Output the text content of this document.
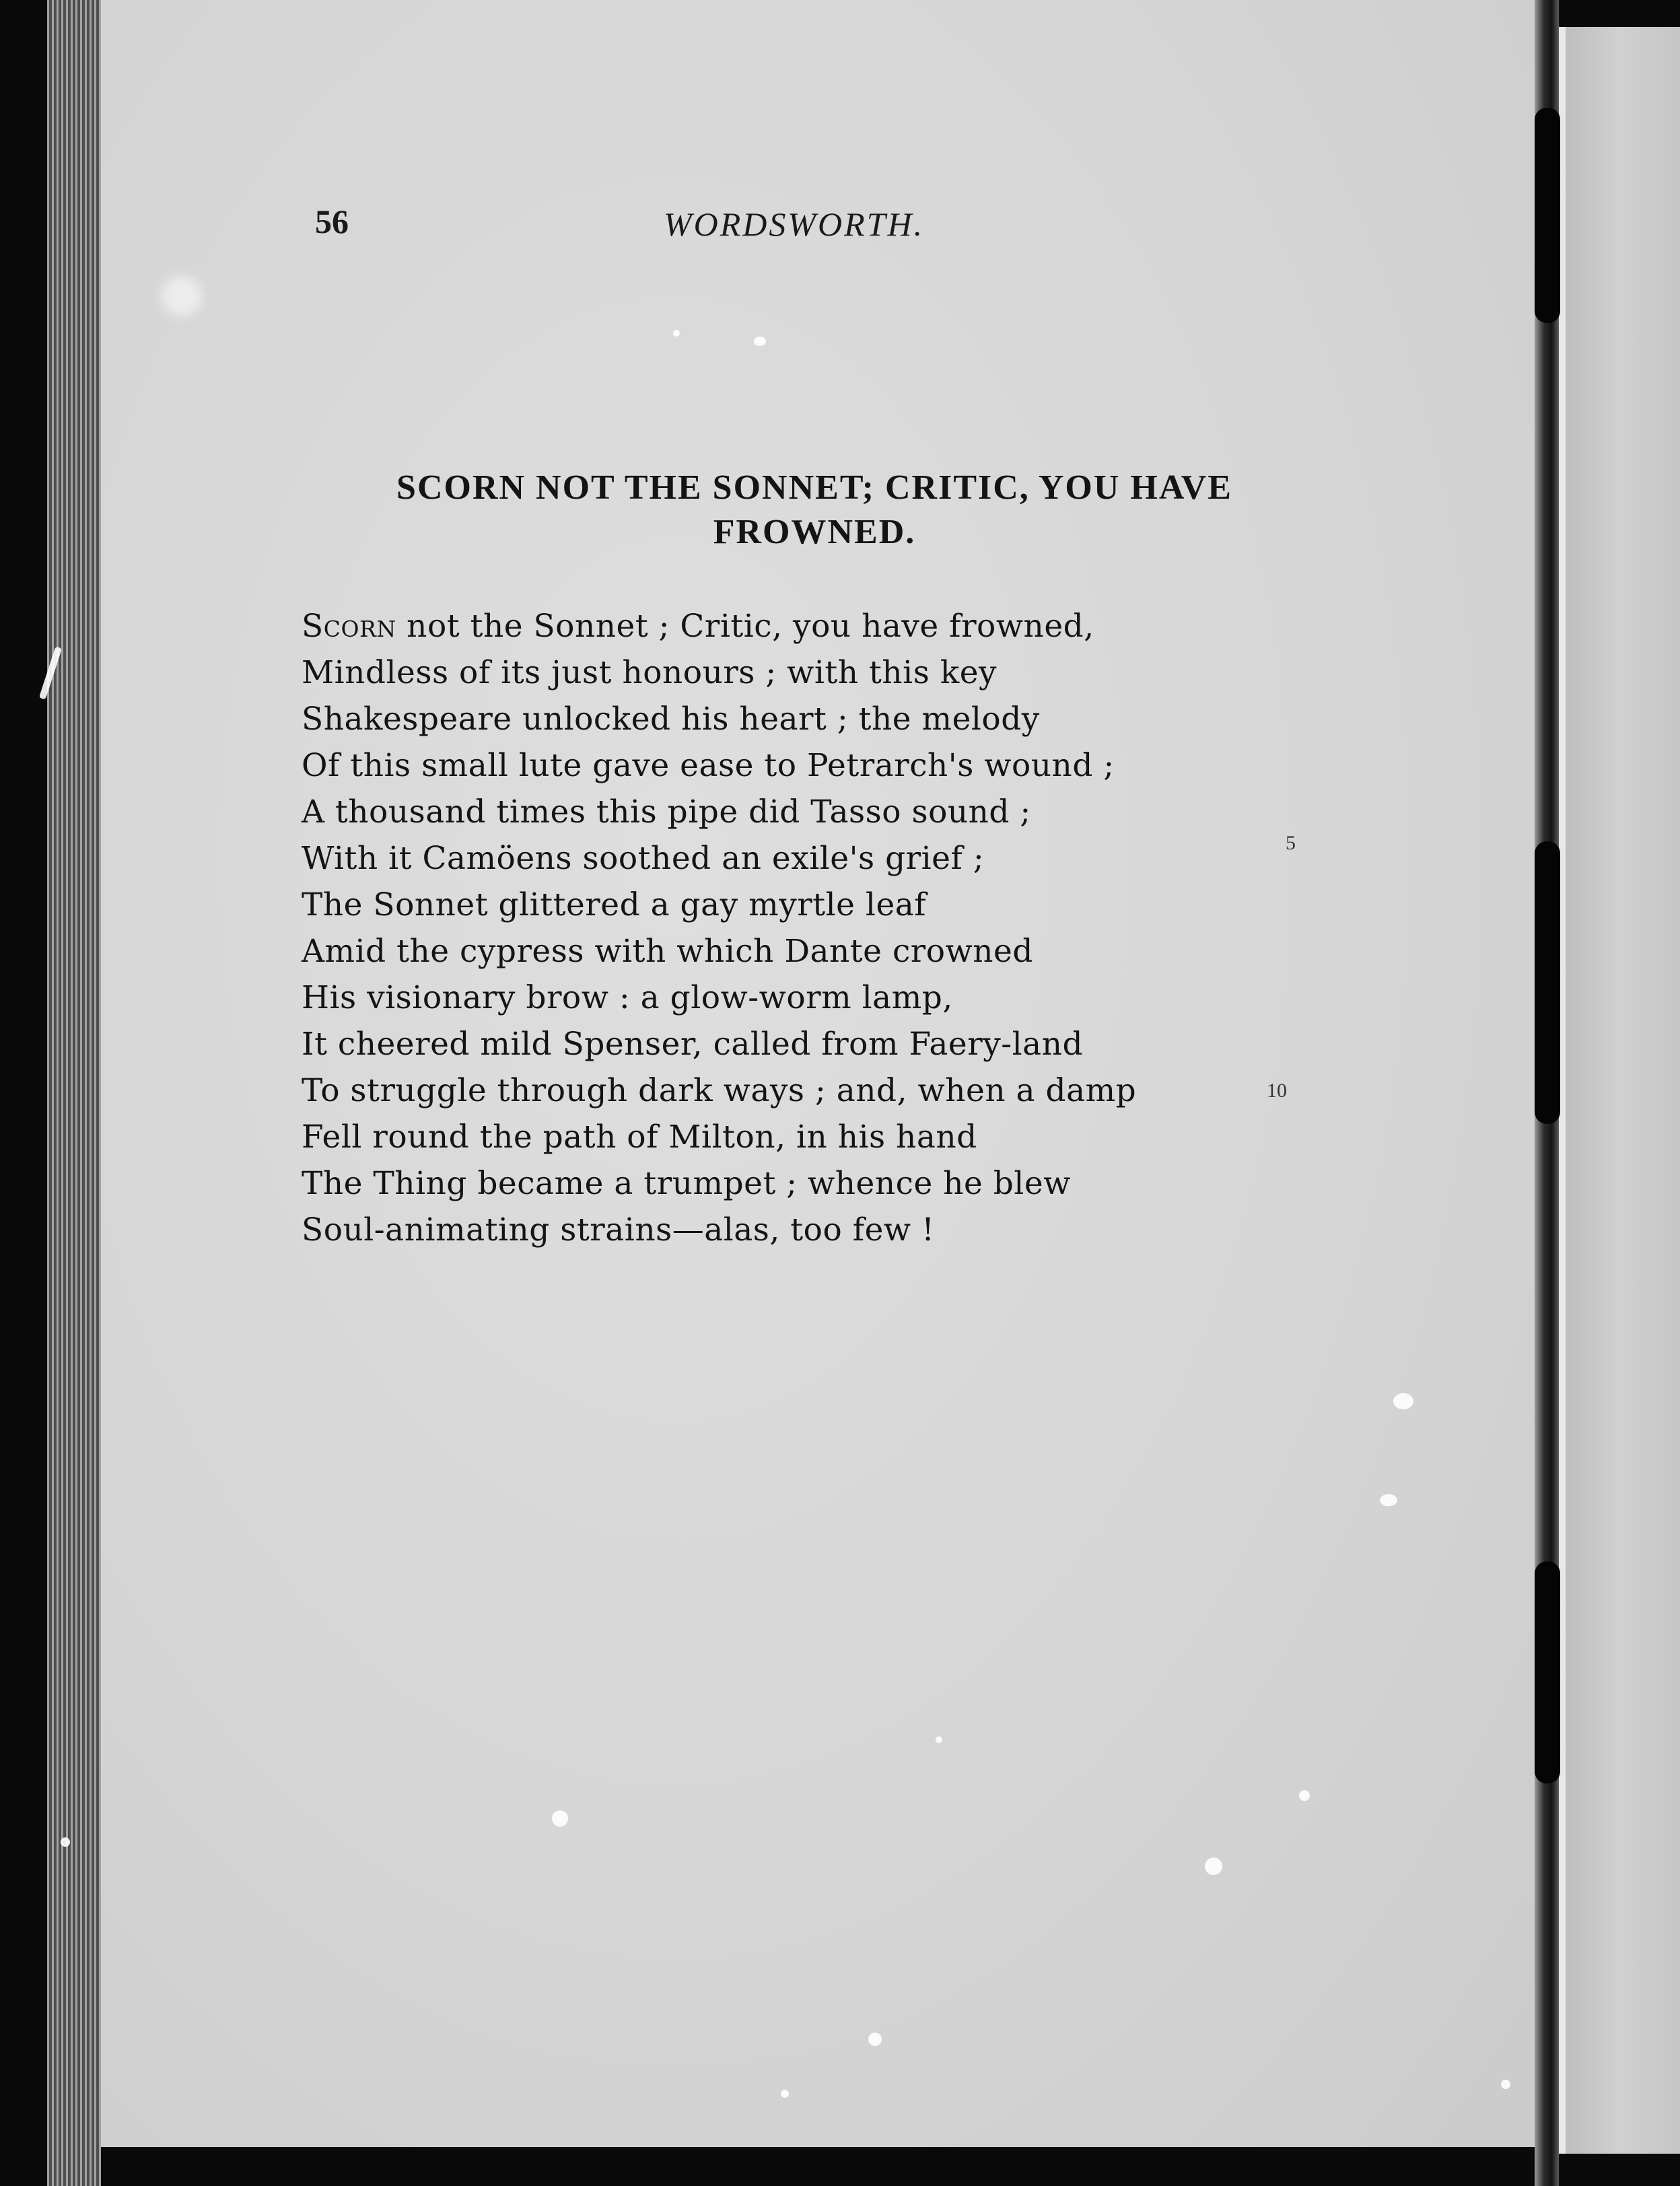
56	WORDSWORTH.
SCORN NOT THE SONNET; CRITIC, YOU HAVE
FROWNED.
Scorn not the Sonnet ; Critic, you have frowned,
Mindless of its just honours ; with this key
Shakespeare unlocked his heart ; the melody
Of this small lute gave ease to Petrarch's wound ;
A thousand times this pipe did Tasso sound ;
With it Camöens soothed an exile's grief ;
The Sonnet glittered a gay myrtle leaf
Amid the cypress with which Dante crowned
His visionary brow : a glow-worm lamp,
It cheered mild Spenser, called from Faery-land
To struggle through dark ways ; and, when a damp
Fell round the path of Milton, in his hand
The Thing became a trumpet ; whence he blew
Soul-animating strains—alas, too few !
5
10
